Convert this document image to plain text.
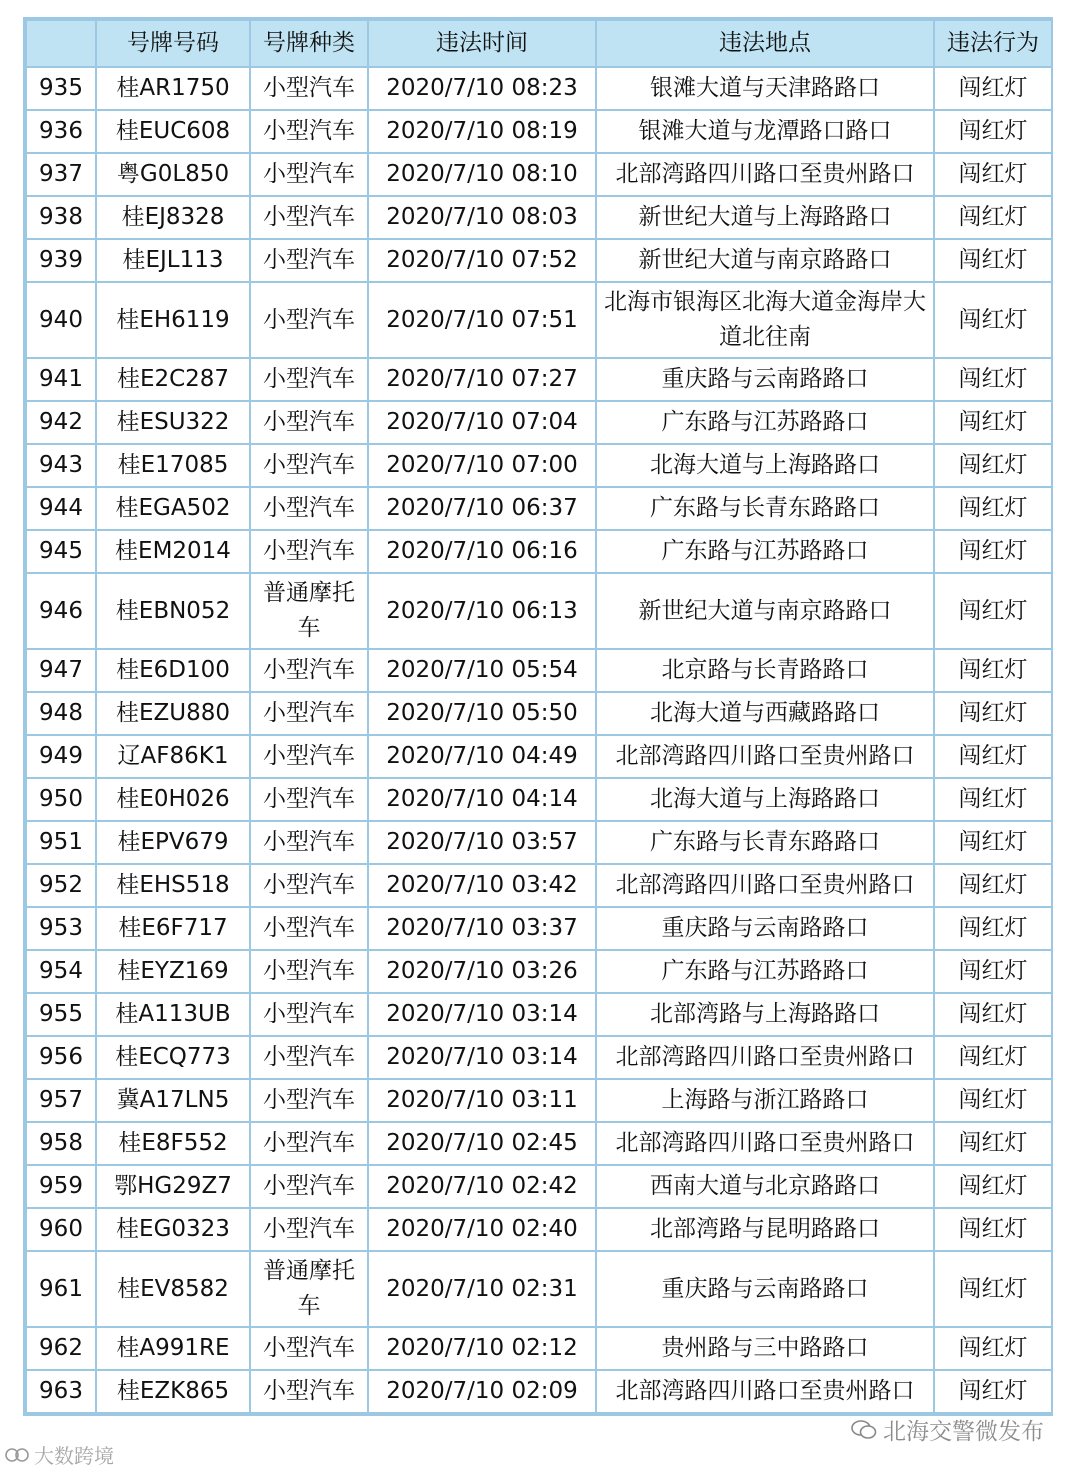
	号牌号码	号牌种类	违法时间	违法地点	违法行为
935	桂AR1750	小型汽车	2020/7/10 08:23	银滩大道与天津路路口	闯红灯
936	桂EUC608	小型汽车	2020/7/10 08:19	银滩大道与龙潭路口路口	闯红灯
937	粤G0L850	小型汽车	2020/7/10 08:10	北部湾路四川路口至贵州路口	闯红灯
938	桂EJ8328	小型汽车	2020/7/10 08:03	新世纪大道与上海路路口	闯红灯
939	桂EJL113	小型汽车	2020/7/10 07:52	新世纪大道与南京路路口	闯红灯
940	桂EH6119	小型汽车	2020/7/10 07:51	北海市银海区北海大道金海岸大道北往南	闯红灯
941	桂E2C287	小型汽车	2020/7/10 07:27	重庆路与云南路路口	闯红灯
942	桂ESU322	小型汽车	2020/7/10 07:04	广东路与江苏路路口	闯红灯
943	桂E17085	小型汽车	2020/7/10 07:00	北海大道与上海路路口	闯红灯
944	桂EGA502	小型汽车	2020/7/10 06:37	广东路与长青东路路口	闯红灯
945	桂EM2014	小型汽车	2020/7/10 06:16	广东路与江苏路路口	闯红灯
946	桂EBN052	普通摩托车	2020/7/10 06:13	新世纪大道与南京路路口	闯红灯
947	桂E6D100	小型汽车	2020/7/10 05:54	北京路与长青路路口	闯红灯
948	桂EZU880	小型汽车	2020/7/10 05:50	北海大道与西藏路路口	闯红灯
949	辽AF86K1	小型汽车	2020/7/10 04:49	北部湾路四川路口至贵州路口	闯红灯
950	桂E0H026	小型汽车	2020/7/10 04:14	北海大道与上海路路口	闯红灯
951	桂EPV679	小型汽车	2020/7/10 03:57	广东路与长青东路路口	闯红灯
952	桂EHS518	小型汽车	2020/7/10 03:42	北部湾路四川路口至贵州路口	闯红灯
953	桂E6F717	小型汽车	2020/7/10 03:37	重庆路与云南路路口	闯红灯
954	桂EYZ169	小型汽车	2020/7/10 03:26	广东路与江苏路路口	闯红灯
955	桂A113UB	小型汽车	2020/7/10 03:14	北部湾路与上海路路口	闯红灯
956	桂ECQ773	小型汽车	2020/7/10 03:14	北部湾路四川路口至贵州路口	闯红灯
957	冀A17LN5	小型汽车	2020/7/10 03:11	上海路与浙江路路口	闯红灯
958	桂E8F552	小型汽车	2020/7/10 02:45	北部湾路四川路口至贵州路口	闯红灯
959	鄂HG29Z7	小型汽车	2020/7/10 02:42	西南大道与北京路路口	闯红灯
960	桂EG0323	小型汽车	2020/7/10 02:40	北部湾路与昆明路路口	闯红灯
961	桂EV8582	普通摩托车	2020/7/10 02:31	重庆路与云南路路口	闯红灯
962	桂A991RE	小型汽车	2020/7/10 02:12	贵州路与三中路路口	闯红灯
963	桂EZK865	小型汽车	2020/7/10 02:09	北部湾路四川路口至贵州路口	闯红灯
北海交警微发布
大数跨境
